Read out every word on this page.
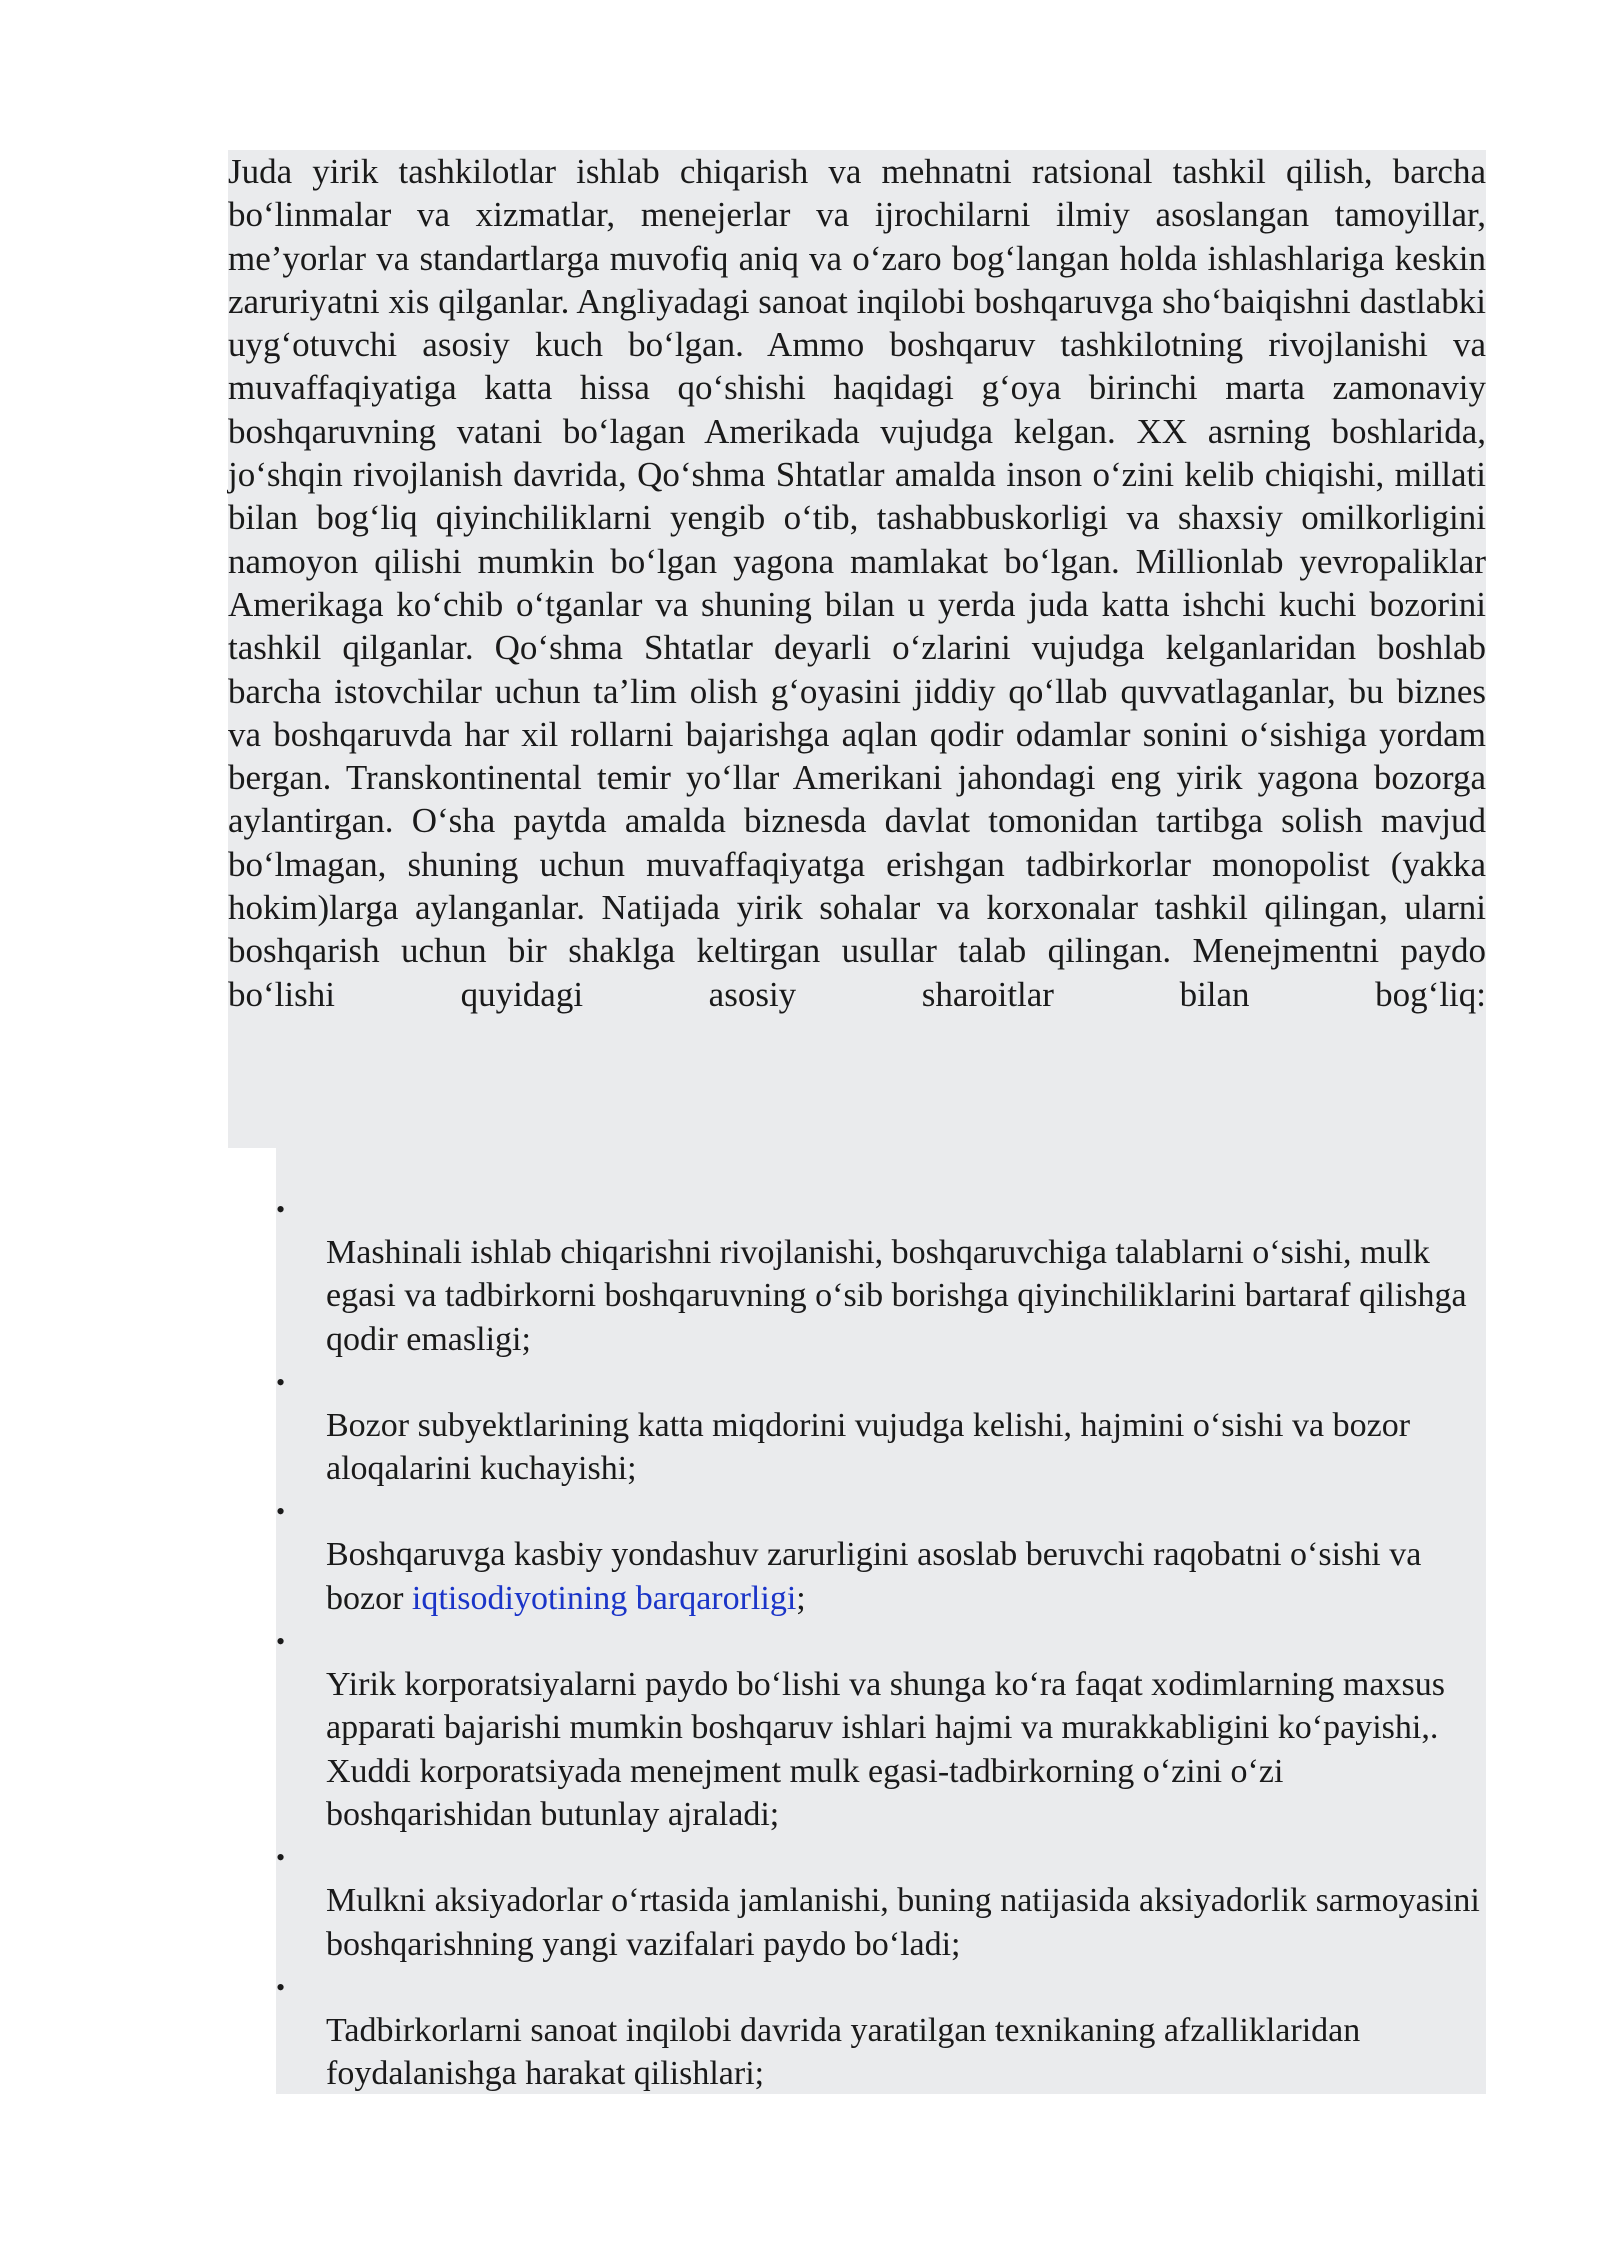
Juda yirik tashkilotlar ishlab chiqarish va mehnatni ratsional tashkil qilish, barcha bo‘linmalar va xizmatlar, menejerlar va ijrochilarni ilmiy asoslangan tamoyillar, me’yorlar va standartlarga muvofiq aniq va o‘zaro bog‘langan holda ishlashlariga keskin zaruriyatni xis qilganlar. Angliyadagi sanoat inqilobi boshqaruvga sho‘baiqishni dastlabki uyg‘otuvchi asosiy kuch bo‘lgan. Ammo boshqaruv tashkilotning rivojlanishi va muvaffaqiyatiga katta hissa qo‘shishi haqidagi g‘oya birinchi marta zamonaviy boshqaruvning vatani bo‘lagan Amerikada vujudga kelgan. XX asrning boshlarida, jo‘shqin rivojlanish davrida, Qo‘shma Shtatlar amalda inson o‘zini kelib chiqishi, millati bilan bog‘liq qiyinchiliklarni yengib o‘tib, tashabbuskorligi va shaxsiy omilkorligini namoyon qilishi mumkin bo‘lgan yagona mamlakat bo‘lgan. Millionlab yevropaliklar Amerikaga ko‘chib o‘tganlar va shuning bilan u yerda juda katta ishchi kuchi bozorini tashkil qilganlar. Qo‘shma Shtatlar deyarli o‘zlarini vujudga kelganlaridan boshlab barcha istovchilar uchun ta’lim olish g‘oyasini jiddiy qo‘llab quvvatlaganlar, bu biznes va boshqaruvda har xil rollarni bajarishga aqlan qodir odamlar sonini o‘sishiga yordam bergan. Transkontinental temir yo‘llar Amerikani jahondagi eng yirik yagona bozorga aylantirgan. O‘sha paytda amalda biznesda davlat tomonidan tartibga solish mavjud bo‘lmagan, shuning uchun muvaffaqiyatga erishgan tadbirkorlar monopolist (yakka hokim)larga aylanganlar. Natijada yirik sohalar va korxonalar tashkil qilingan, ularni boshqarish uchun bir shaklga keltirgan usullar talab qilingan. Menejmentni paydo bo‘lishi quyidagi asosiy sharoitlar bilan bog‘liq:

•
Mashinali ishlab chiqarishni rivojlanishi, boshqaruvchiga talablarni o‘sishi, mulk egasi va tadbirkorni boshqaruvning o‘sib borishga qiyinchiliklarini bartaraf qilishga qodir emasligi;
•
Bozor subyektlarining katta miqdorini vujudga kelishi, hajmini o‘sishi va bozor aloqalarini kuchayishi;
•
Boshqaruvga kasbiy yondashuv zarurligini asoslab beruvchi raqobatni o‘sishi va bozor iqtisodiyotining barqarorligi;
•
Yirik korporatsiyalarni paydo bo‘lishi va shunga ko‘ra faqat xodimlarning maxsus apparati bajarishi mumkin boshqaruv ishlari hajmi va murakkabligini ko‘payishi,. Xuddi korporatsiyada menejment mulk egasi-tadbirkorning o‘zini o‘zi boshqarishidan butunlay ajraladi;
•
Mulkni aksiyadorlar o‘rtasida jamlanishi, buning natijasida aksiyadorlik sarmoyasini boshqarishning yangi vazifalari paydo bo‘ladi;
•
Tadbirkorlarni sanoat inqilobi davrida yaratilgan texnikaning afzalliklaridan foydalanishga harakat qilishlari;
